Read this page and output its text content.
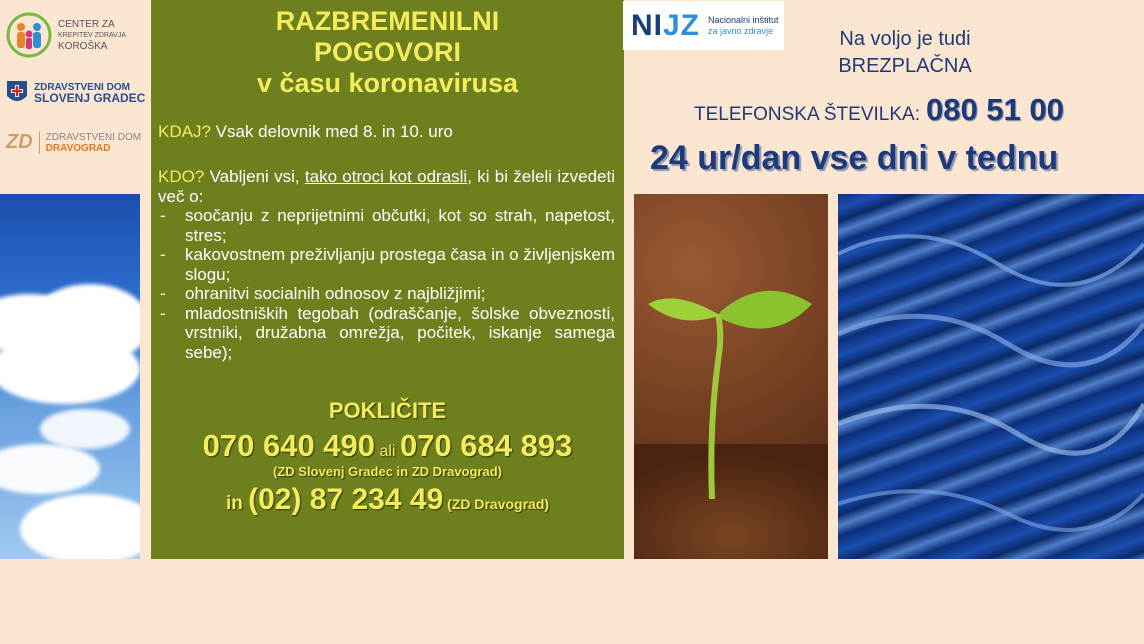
CENTER ZA
KREPITEV ZDRAVJA
KOROŠKA
ZDRAVSTVENI DOM
SLOVENJ GRADEC
ZD	ZDRAVSTVENI DOM
DRAVOGRAD
RAZBREMENILNI
POGOVORI
v času koronavirusa
KDAJ? Vsak delovnik med 8. in 10. uro
KDO? Vabljeni vsi, tako otroci kot odrasli, ki bi želeli izvedeti več o:
- soočanju z neprijetnimi občutki, kot so strah, napetost, stres;
- kakovostnem preživljanju prostega časa in o življenjskem slogu;
- ohranitvi socialnih odnosov z najbližjimi;
- mladostniških tegobah (odraščanje, šolske obveznosti, vrstniki, družabna omrežja, počitek, iskanje samega sebe);
POKLIČITE
070 640 490 ali 070 684 893
(ZD Slovenj Gradec in ZD Dravograd)
in (02) 87 234 49 (ZD Dravograd)
NIJZ Nacionalni inštitut
za javno zdravje	Na voljo je tudi
BREZPLAČNA
TELEFONSKA ŠTEVILKA: 080 51 00
24 ur/dan vse dni v tednu
